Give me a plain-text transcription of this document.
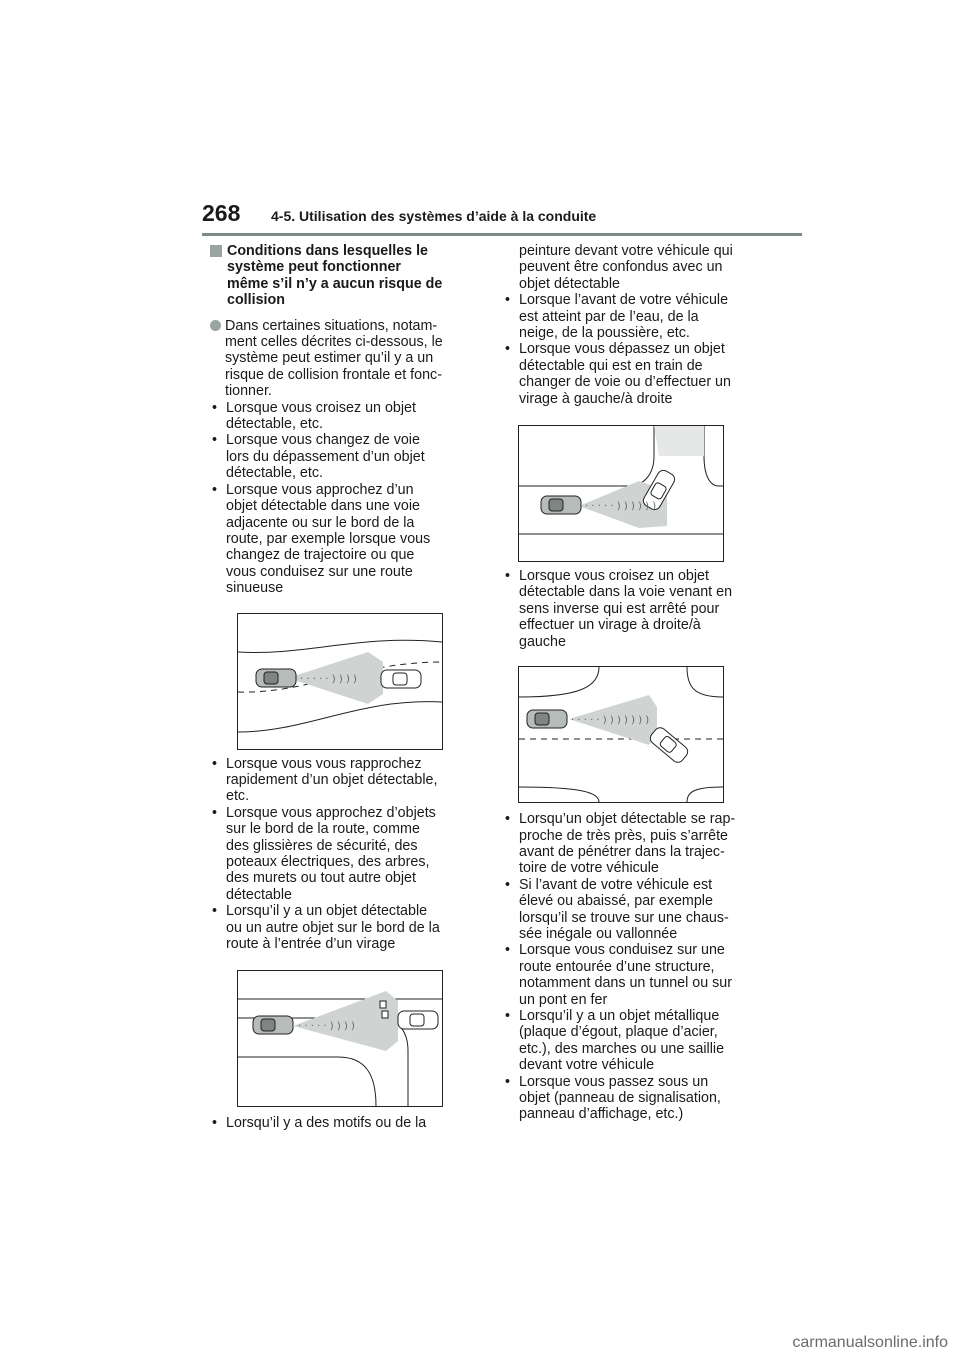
268 4-5. Utilisation des systèmes d’aide à la conduite
Conditions dans lesquelles le
système peut fonctionner
même s’il n’y a aucun risque de
collision
Dans certaines situations, notam-
ment celles décrites ci-dessous, le
système peut estimer qu’il y a un
risque de collision frontale et fonc-
tionner.
• Lorsque vous croisez un objet
détectable, etc.
• Lorsque vous changez de voie
lors du dépassement d’un objet
détectable, etc.
• Lorsque vous approchez d’un
objet détectable dans une voie
adjacente ou sur le bord de la
route, par exemple lorsque vous
changez de trajectoire ou que
vous conduisez sur une route
sinueuse
· · · · · ) ) ) )
• Lorsque vous vous rapprochez
rapidement d’un objet détectable,
etc.
• Lorsque vous approchez d’objets
sur le bord de la route, comme
des glissières de sécurité, des
poteaux électriques, des arbres,
des murets ou tout autre objet
détectable
• Lorsqu’il y a un objet détectable
ou un autre objet sur le bord de la
route à l’entrée d’un virage
· · · · · ) ) ) )
• Lorsqu’il y a des motifs ou de la
peinture devant votre véhicule qui
peuvent être confondus avec un
objet détectable
• Lorsque l’avant de votre véhicule
est atteint par de l’eau, de la
neige, de la poussière, etc.
• Lorsque vous dépassez un objet
détectable qui est en train de
changer de voie ou d’effectuer un
virage à gauche/à droite
· · · · · ) ) ) ) ) )
• Lorsque vous croisez un objet
détectable dans la voie venant en
sens inverse qui est arrêté pour
effectuer un virage à droite/à
gauche
· · · · · ) ) ) ) ) ) )
• Lorsqu’un objet détectable se rap-
proche de très près, puis s’arrête
avant de pénétrer dans la trajec-
toire de votre véhicule
• Si l’avant de votre véhicule est
élevé ou abaissé, par exemple
lorsqu’il se trouve sur une chaus-
sée inégale ou vallonnée
• Lorsque vous conduisez sur une
route entourée d’une structure,
notamment dans un tunnel ou sur
un pont en fer
• Lorsqu’il y a un objet métallique
(plaque d’égout, plaque d’acier,
etc.), des marches ou une saillie
devant votre véhicule
• Lorsque vous passez sous un
objet (panneau de signalisation,
panneau d’affichage, etc.)
carmanualsonline.info
